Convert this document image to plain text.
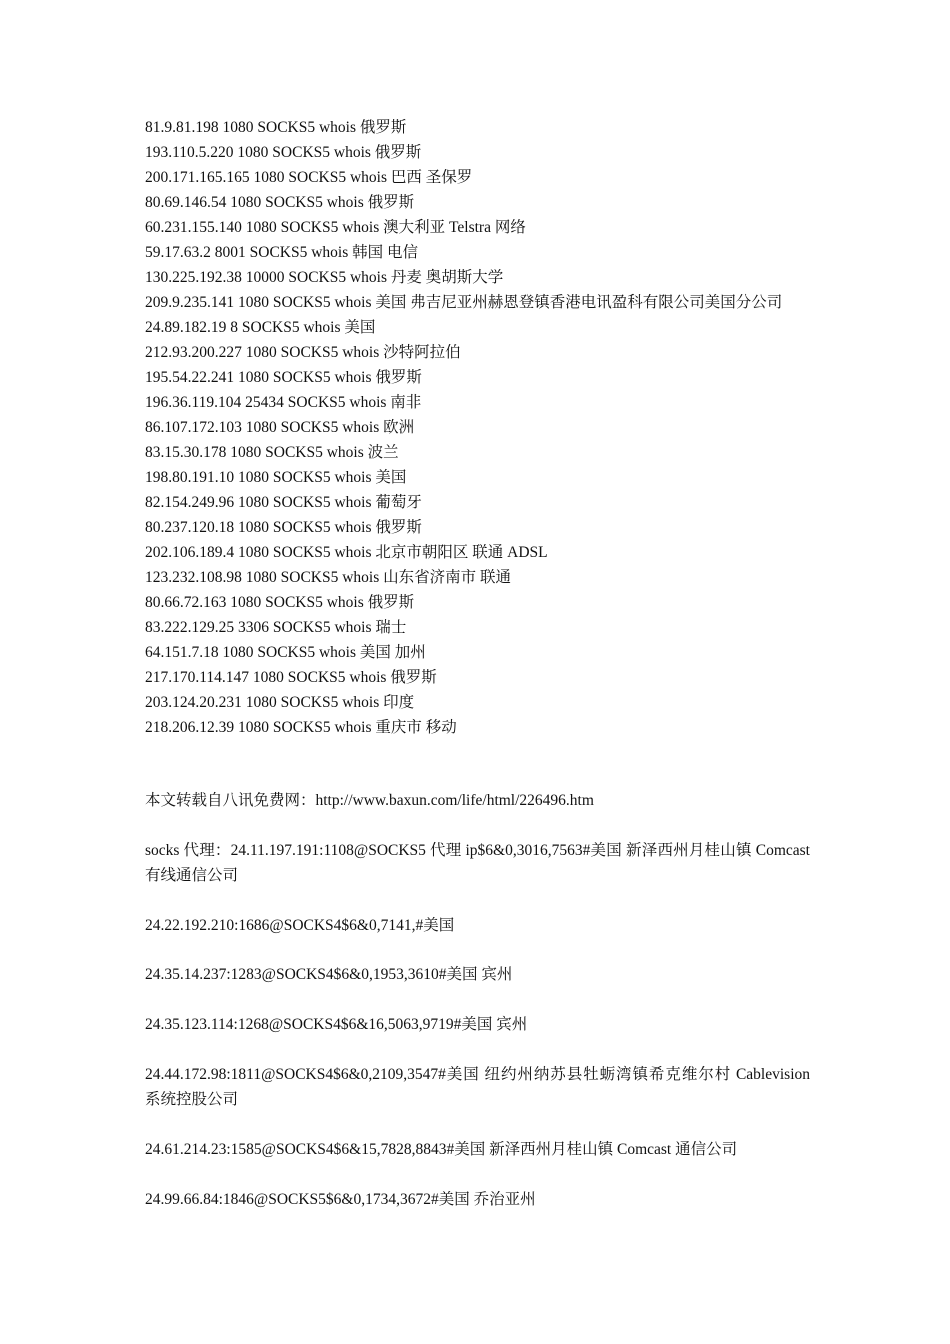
81.9.81.198 1080 SOCKS5 whois 俄罗斯
193.110.5.220 1080 SOCKS5 whois 俄罗斯
200.171.165.165 1080 SOCKS5 whois 巴西 圣保罗
80.69.146.54 1080 SOCKS5 whois 俄罗斯
60.231.155.140 1080 SOCKS5 whois 澳大利亚 Telstra 网络
59.17.63.2 8001 SOCKS5 whois 韩国 电信
130.225.192.38 10000 SOCKS5 whois 丹麦 奥胡斯大学
209.9.235.141 1080 SOCKS5 whois 美国 弗吉尼亚州赫恩登镇香港电讯盈科有限公司美国分公司
24.89.182.19 8 SOCKS5 whois 美国
212.93.200.227 1080 SOCKS5 whois 沙特阿拉伯
195.54.22.241 1080 SOCKS5 whois 俄罗斯
196.36.119.104 25434 SOCKS5 whois 南非
86.107.172.103 1080 SOCKS5 whois 欧洲
83.15.30.178 1080 SOCKS5 whois 波兰
198.80.191.10 1080 SOCKS5 whois 美国
82.154.249.96 1080 SOCKS5 whois 葡萄牙
80.237.120.18 1080 SOCKS5 whois 俄罗斯
202.106.189.4 1080 SOCKS5 whois 北京市朝阳区 联通 ADSL
123.232.108.98 1080 SOCKS5 whois 山东省济南市 联通
80.66.72.163 1080 SOCKS5 whois 俄罗斯
83.222.129.25 3306 SOCKS5 whois 瑞士
64.151.7.18 1080 SOCKS5 whois 美国 加州
217.170.114.147 1080 SOCKS5 whois 俄罗斯
203.124.20.231 1080 SOCKS5 whois 印度
218.206.12.39 1080 SOCKS5 whois 重庆市 移动
本文转载自八讯免费网：http://www.baxun.com/life/html/226496.htm
socks 代理：24.11.197.191:1108@SOCKS5 代理 ip$6&0,3016,7563#美国 新泽西州月桂山镇 Comcast 有线通信公司
24.22.192.210:1686@SOCKS4$6&0,7141,#美国
24.35.14.237:1283@SOCKS4$6&0,1953,3610#美国 宾州
24.35.123.114:1268@SOCKS4$6&16,5063,9719#美国 宾州
24.44.172.98:1811@SOCKS4$6&0,2109,3547#美国 纽约州纳苏县牡蛎湾镇希克维尔村 Cablevision 系统控股公司
24.61.214.23:1585@SOCKS4$6&15,7828,8843#美国 新泽西州月桂山镇 Comcast 通信公司
24.99.66.84:1846@SOCKS5$6&0,1734,3672#美国 乔治亚州
